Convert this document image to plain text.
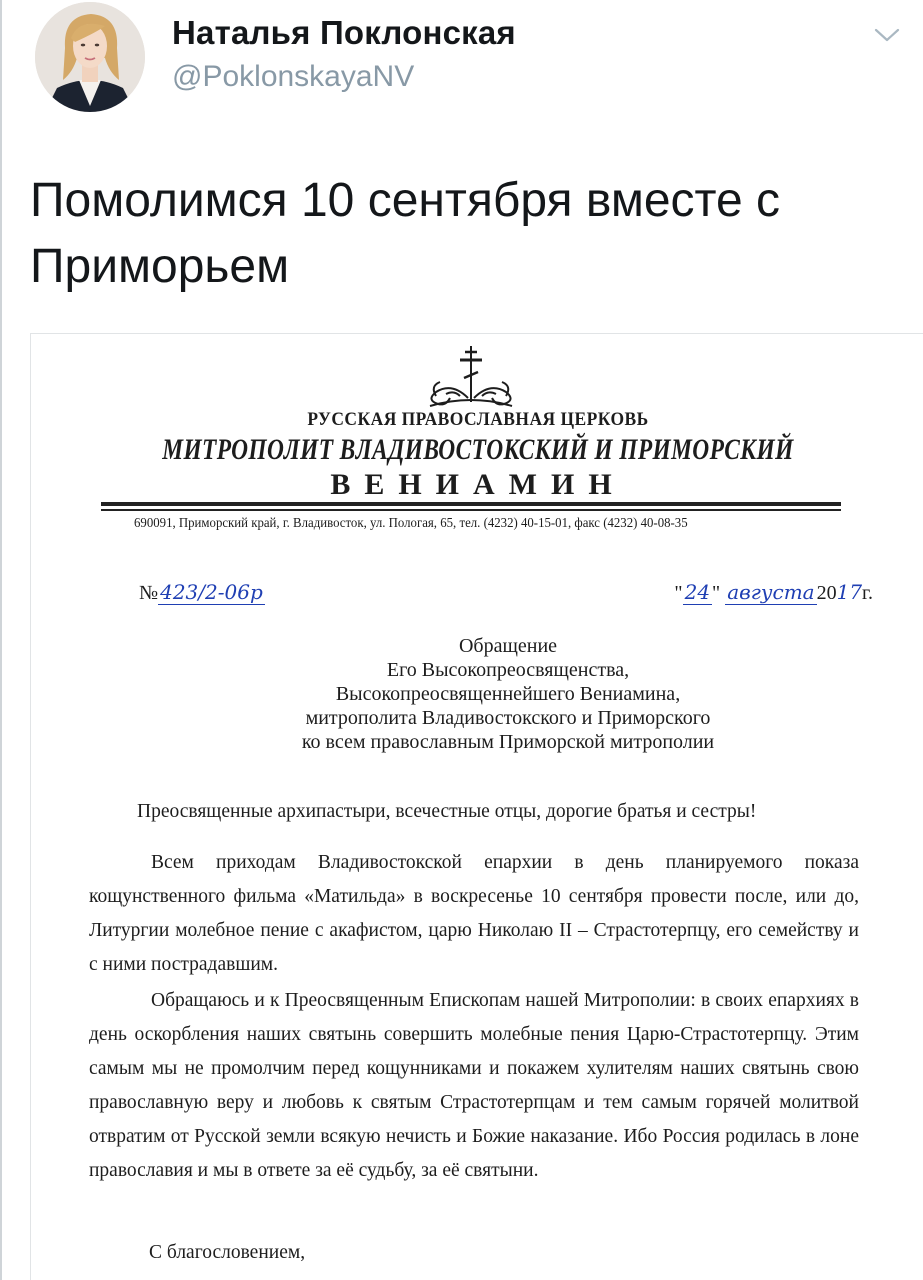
Наталья Поклонская
@PoklonskayaNV

Помолимся 10 сентября вместе с Приморьем

РУССКАЯ ПРАВОСЛАВНАЯ ЦЕРКОВЬ
МИТРОПОЛИТ ВЛАДИВОСТОКСКИЙ И ПРИМОРСКИЙ
ВЕНИАМИН
690091, Приморский край, г. Владивосток, ул. Пологая, 65, тел. (4232) 40-15-01, факс (4232) 40-08-35
№ 423/2-06р	" 24 " августа 2017г.
Обращение
Его Высокопреосвященства,
Высокопреосвященнейшего Вениамина,
митрополита Владивостокского и Приморского
ко всем православным Приморской митрополии
Преосвященные архипастыри, всечестные отцы, дорогие братья и сестры!

Всем приходам Владивостокской епархии в день планируемого показа кощунственного фильма «Матильда» в воскресенье 10 сентября провести после, или до, Литургии молебное пение с акафистом, царю Николаю II – Страстотерпцу, его семейству и с ними пострадавшим.

Обращаюсь и к Преосвященным Епископам нашей Митрополии: в своих епархиях в день оскорбления наших святынь совершить молебные пения Царю-Страстотерпцу. Этим самым мы не промолчим перед кощунниками и покажем хулителям наших святынь свою православную веру и любовь к святым Страстотерпцам и тем самым горячей молитвой отвратим от Русской земли всякую нечисть и Божие наказание. Ибо Россия родилась в лоне православия и мы в ответе за её судьбу, за её святыни.

С благословением,
